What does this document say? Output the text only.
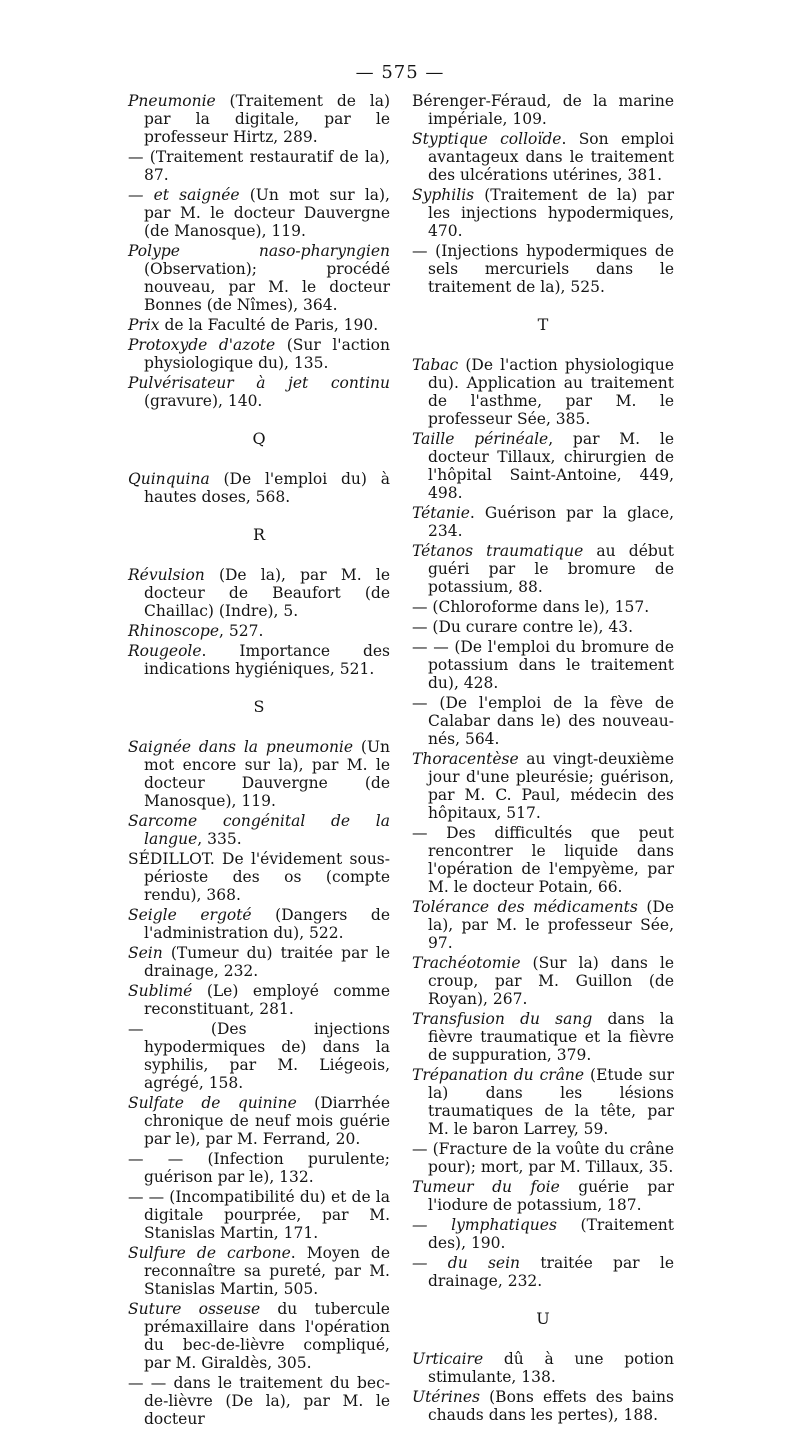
— 575 —
Pneumonie (Traitement de la) par la digitale, par le professeur Hirtz, 289.
— (Traitement restauratif de la), 87.
— et saignée (Un mot sur la), par M. le docteur Dauvergne (de Manosque), 119.
Polype naso-pharyngien (Observation); procédé nouveau, par M. le docteur Bonnes (de Nîmes), 364.
Prix de la Faculté de Paris, 190.
Protoxyde d'azote (Sur l'action physiologique du), 135.
Pulvérisateur à jet continu (gravure), 140.
Q
Quinquina (De l'emploi du) à hautes doses, 568.
R
Révulsion (De la), par M. le docteur de Beaufort (de Chaillac) (Indre), 5.
Rhinoscope, 527.
Rougeole. Importance des indications hygiéniques, 521.
S
Saignée dans la pneumonie (Un mot encore sur la), par M. le docteur Dauvergne (de Manosque), 119.
Sarcome congénital de la langue, 335.
SÉDILLOT. De l'évidement sous-périoste des os (compte rendu), 368.
Seigle ergoté (Dangers de l'administration du), 522.
Sein (Tumeur du) traitée par le drainage, 232.
Sublimé (Le) employé comme reconstituant, 281.
— (Des injections hypodermiques de) dans la syphilis, par M. Liégeois, agrégé, 158.
Sulfate de quinine (Diarrhée chronique de neuf mois guérie par le), par M. Ferrand, 20.
— — (Infection purulente; guérison par le), 132.
— — (Incompatibilité du) et de la digitale pourprée, par M. Stanislas Martin, 171.
Sulfure de carbone. Moyen de reconnaître sa pureté, par M. Stanislas Martin, 505.
Suture osseuse du tubercule prémaxillaire dans l'opération du bec-de-lièvre compliqué, par M. Giraldès, 305.
— — dans le traitement du bec-de-lièvre (De la), par M. le docteur
Bérenger-Féraud, de la marine impériale, 109.
Styptique colloïde. Son emploi avantageux dans le traitement des ulcérations utérines, 381.
Syphilis (Traitement de la) par les injections hypodermiques, 470.
— (Injections hypodermiques de sels mercuriels dans le traitement de la), 525.
T
Tabac (De l'action physiologique du). Application au traitement de l'asthme, par M. le professeur Sée, 385.
Taille périnéale, par M. le docteur Tillaux, chirurgien de l'hôpital Saint-Antoine, 449, 498.
Tétanie. Guérison par la glace, 234.
Tétanos traumatique au début guéri par le bromure de potassium, 88.
— (Chloroforme dans le), 157.
— (Du curare contre le), 43.
— — (De l'emploi du bromure de potassium dans le traitement du), 428.
— (De l'emploi de la fève de Calabar dans le) des nouveau-nés, 564.
Thoracentèse au vingt-deuxième jour d'une pleurésie; guérison, par M. C. Paul, médecin des hôpitaux, 517.
— Des difficultés que peut rencontrer le liquide dans l'opération de l'empyème, par M. le docteur Potain, 66.
Tolérance des médicaments (De la), par M. le professeur Sée, 97.
Trachéotomie (Sur la) dans le croup, par M. Guillon (de Royan), 267.
Transfusion du sang dans la fièvre traumatique et la fièvre de suppuration, 379.
Trépanation du crâne (Etude sur la) dans les lésions traumatiques de la tête, par M. le baron Larrey, 59.
— (Fracture de la voûte du crâne pour); mort, par M. Tillaux, 35.
Tumeur du foie guérie par l'iodure de potassium, 187.
— lymphatiques (Traitement des), 190.
— du sein traitée par le drainage, 232.
U
Urticaire dû à une potion stimulante, 138.
Utérines (Bons effets des bains chauds dans les pertes), 188.
